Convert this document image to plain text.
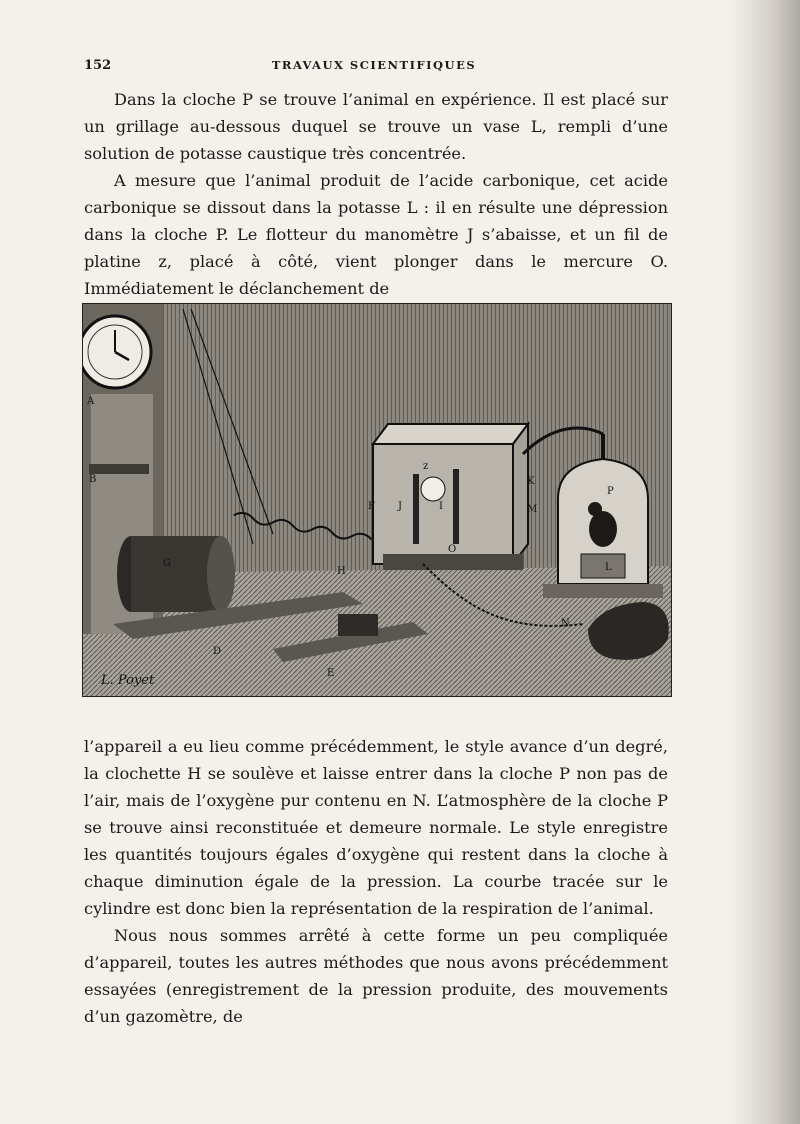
152	TRAVAUX SCIENTIFIQUES

Dans la cloche P se trouve l’animal en expérience. Il est placé sur un grillage au-dessous duquel se trouve un vase L, rempli d’une solution de potasse caustique très concentrée.

A mesure que l’animal produit de l’acide carbonique, cet acide carbonique se dissout dans la potasse L : il en résulte une dépression dans la cloche P. Le flotteur du manomètre J s’abaisse, et un fil de platine z, placé à côté, vient plonger dans le mercure O. Immédiatement le déclanchement de

A
B
G
D
E
H
F J	I
K
M
P
L
N
z
O
L. Poyet

l’appareil a eu lieu comme précédemment, le style avance d’un degré, la clochette H se soulève et laisse entrer dans la cloche P non pas de l’air, mais de l’oxygène pur contenu en N. L’atmosphère de la cloche P se trouve ainsi reconstituée et demeure normale. Le style enregistre les quantités toujours égales d’oxygène qui restent dans la cloche à chaque diminution égale de la pression. La courbe tracée sur le cylindre est donc bien la représentation de la respiration de l’animal.

Nous nous sommes arrêté à cette forme un peu compliquée d’appareil, toutes les autres méthodes que nous avons précédemment essayées (enregistrement de la pression produite, des mouvements d’un gazomètre, de
